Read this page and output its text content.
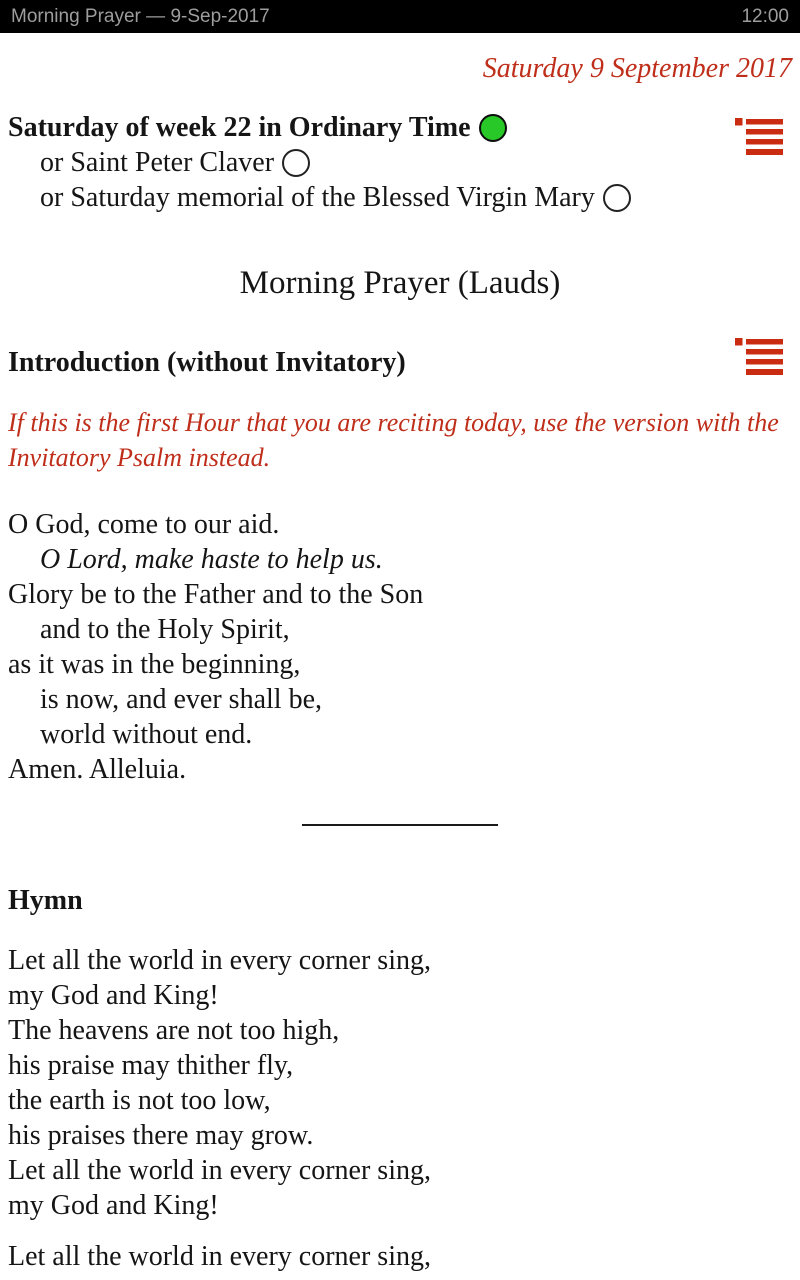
Morning Prayer — 9-Sep-2017	12:00
Saturday 9 September 2017
Saturday of week 22 in Ordinary Time
or Saint Peter Claver
or Saturday memorial of the Blessed Virgin Mary
Morning Prayer (Lauds)
Introduction (without Invitatory)
If this is the first Hour that you are reciting today, use the version with the
Invitatory Psalm instead.
O God, come to our aid.
O Lord, make haste to help us.
Glory be to the Father and to the Son
and to the Holy Spirit,
as it was in the beginning,
is now, and ever shall be,
world without end.
Amen. Alleluia.
Hymn
Let all the world in every corner sing,
my God and King!
The heavens are not too high,
his praise may thither fly,
the earth is not too low,
his praises there may grow.
Let all the world in every corner sing,
my God and King!
Let all the world in every corner sing,
